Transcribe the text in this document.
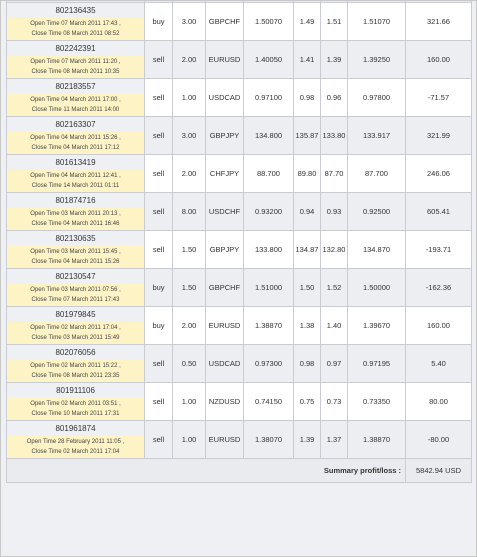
802136435
Open Time 07 March 2011 17:43 ,
Close Time 08 March 2011 08:52	buy	3.00	GBPCHF	1.50070	1.49	1.51	1.51070	321.66

802242391
Open Time 07 March 2011 11:20 ,
Close Time 08 March 2011 10:35	sell	2.00	EURUSD	1.40050	1.41	1.39	1.39250	160.00

802183557
Open Time 04 March 2011 17:00 ,
Close Time 11 March 2011 14:00	sell	1.00	USDCAD	0.97100	0.98	0.96	0.97800	-71.57

802163307
Open Time 04 March 2011 15:26 ,
Close Time 04 March 2011 17:12	sell	3.00	GBPJPY	134.800	135.87	133.80	133.917	321.99

801613419
Open Time 04 March 2011 12:41 ,
Close Time 14 March 2011 01:11	sell	2.00	CHFJPY	88.700	89.80	87.70	87.700	246.06

801874716
Open Time 03 March 2011 20:13 ,
Close Time 04 March 2011 16:46	sell	8.00	USDCHF	0.93200	0.94	0.93	0.92500	605.41

802130635
Open Time 03 March 2011 15:45 ,
Close Time 04 March 2011 15:26	sell	1.50	GBPJPY	133.800	134.87	132.80	134.870	-193.71

802130547
Open Time 03 March 2011 07:56 ,
Close Time 07 March 2011 17:43	buy	1.50	GBPCHF	1.51000	1.50	1.52	1.50000	-162.36

801979845
Open Time 02 March 2011 17:04 ,
Close Time 03 March 2011 15:49	buy	2.00	EURUSD	1.38870	1.38	1.40	1.39670	160.00

802076056
Open Time 02 March 2011 15:22 ,
Close Time 08 March 2011 23:35	sell	0.50	USDCAD	0.97300	0.98	0.97	0.97195	5.40

801911106
Open Time 02 March 2011 03:51 ,
Close Time 10 March 2011 17:31	sell	1.00	NZDUSD	0.74150	0.75	0.73	0.73350	80.00

801961874
Open Time 28 February 2011 11:05 ,
Close Time 02 March 2011 17:04	sell	1.00	EURUSD	1.38070	1.39	1.37	1.38870	-80.00
Summary profit/loss :								5842.94 USD
